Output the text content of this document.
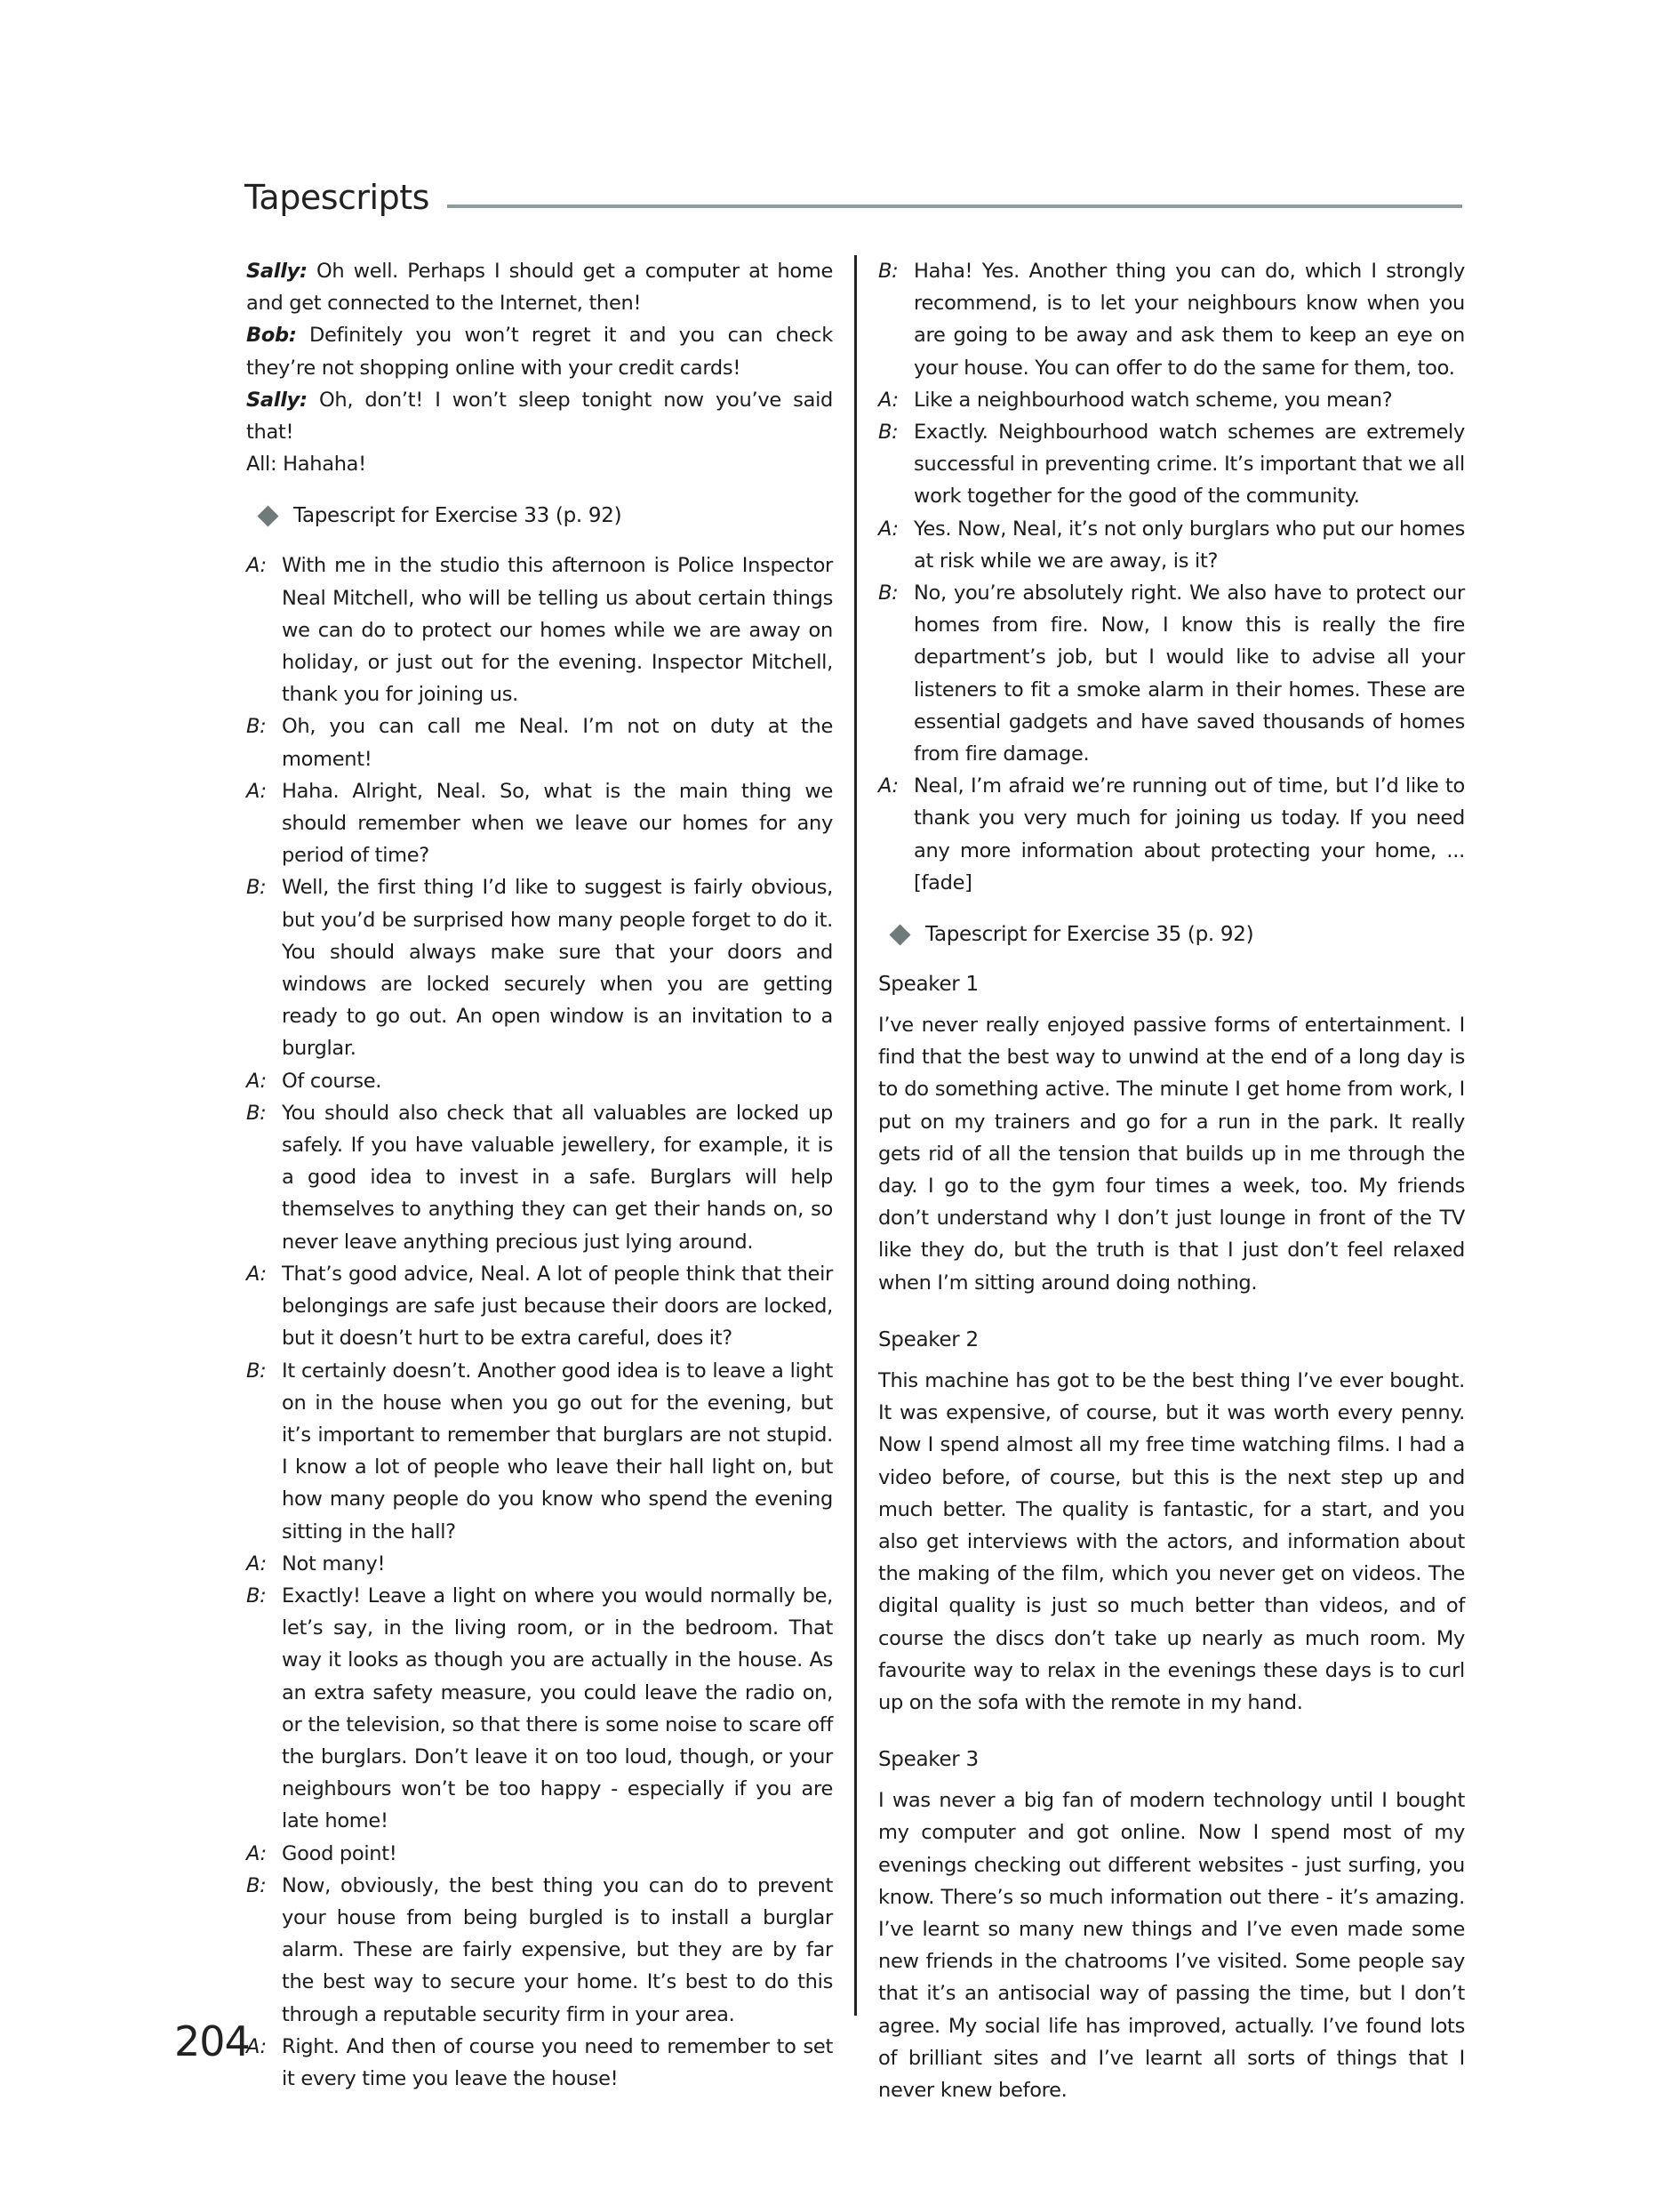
Tapescripts

Sally: Oh well. Perhaps I should get a computer at home and get connected to the Internet, then!

Bob: Definitely you won’t regret it and you can check they’re not shopping online with your credit cards!

Sally: Oh, don’t! I won’t sleep tonight now you’ve said that!

All: Hahaha!

Tapescript for Exercise 33 (p. 92)
A: With me in the studio this afternoon is Police Inspector Neal Mitchell, who will be telling us about certain things we can do to protect our homes while we are away on holiday, or just out for the evening. Inspector Mitchell, thank you for joining us.
B: Oh, you can call me Neal. I’m not on duty at the moment!
A: Haha. Alright, Neal. So, what is the main thing we should remember when we leave our homes for any period of time?
B: Well, the first thing I’d like to suggest is fairly obvious, but you’d be surprised how many people forget to do it. You should always make sure that your doors and windows are locked securely when you are getting ready to go out. An open window is an invitation to a burglar.
A: Of course.
B: You should also check that all valuables are locked up safely. If you have valuable jewellery, for example, it is a good idea to invest in a safe. Burglars will help themselves to anything they can get their hands on, so never leave anything precious just lying around.
A: That’s good advice, Neal. A lot of people think that their belongings are safe just because their doors are locked, but it doesn’t hurt to be extra careful, does it?
B: It certainly doesn’t. Another good idea is to leave a light on in the house when you go out for the evening, but it’s important to remember that burglars are not stupid. I know a lot of people who leave their hall light on, but how many people do you know who spend the evening sitting in the hall?
A: Not many!
B: Exactly! Leave a light on where you would normally be, let’s say, in the living room, or in the bedroom. That way it looks as though you are actually in the house. As an extra safety measure, you could leave the radio on, or the television, so that there is some noise to scare off the burglars. Don’t leave it on too loud, though, or your neighbours won’t be too happy - especially if you are late home!
A: Good point!
B: Now, obviously, the best thing you can do to prevent your house from being burgled is to install a burglar alarm. These are fairly expensive, but they are by far the best way to secure your home. It’s best to do this through a reputable security firm in your area.
A: Right. And then of course you need to remember to set it every time you leave the house!
B: Haha! Yes. Another thing you can do, which I strongly recommend, is to let your neighbours know when you are going to be away and ask them to keep an eye on your house. You can offer to do the same for them, too.
A: Like a neighbourhood watch scheme, you mean?
B: Exactly. Neighbourhood watch schemes are extremely successful in preventing crime. It’s important that we all work together for the good of the community.
A: Yes. Now, Neal, it’s not only burglars who put our homes at risk while we are away, is it?
B: No, you’re absolutely right. We also have to protect our homes from fire. Now, I know this is really the fire department’s job, but I would like to advise all your listeners to fit a smoke alarm in their homes. These are essential gadgets and have saved thousands of homes from fire damage.
A: Neal, I’m afraid we’re running out of time, but I’d like to thank you very much for joining us today. If you need any more information about protecting your home, ... [fade]
Tapescript for Exercise 35 (p. 92)
Speaker 1

I’ve never really enjoyed passive forms of entertainment. I find that the best way to unwind at the end of a long day is to do something active. The minute I get home from work, I put on my trainers and go for a run in the park. It really gets rid of all the tension that builds up in me through the day. I go to the gym four times a week, too. My friends don’t understand why I don’t just lounge in front of the TV like they do, but the truth is that I just don’t feel relaxed when I’m sitting around doing nothing.

Speaker 2

This machine has got to be the best thing I’ve ever bought. It was expensive, of course, but it was worth every penny. Now I spend almost all my free time watching films. I had a video before, of course, but this is the next step up and much better. The quality is fantastic, for a start, and you also get interviews with the actors, and information about the making of the film, which you never get on videos. The digital quality is just so much better than videos, and of course the discs don’t take up nearly as much room. My favourite way to relax in the evenings these days is to curl up on the sofa with the remote in my hand.

Speaker 3

I was never a big fan of modern technology until I bought my computer and got online. Now I spend most of my evenings checking out different websites - just surfing, you know. There’s so much information out there - it’s amazing. I’ve learnt so many new things and I’ve even made some new friends in the chatrooms I’ve visited. Some people say that it’s an antisocial way of passing the time, but I don’t agree. My social life has improved, actually. I’ve found lots of brilliant sites and I’ve learnt all sorts of things that I never knew before.

204
